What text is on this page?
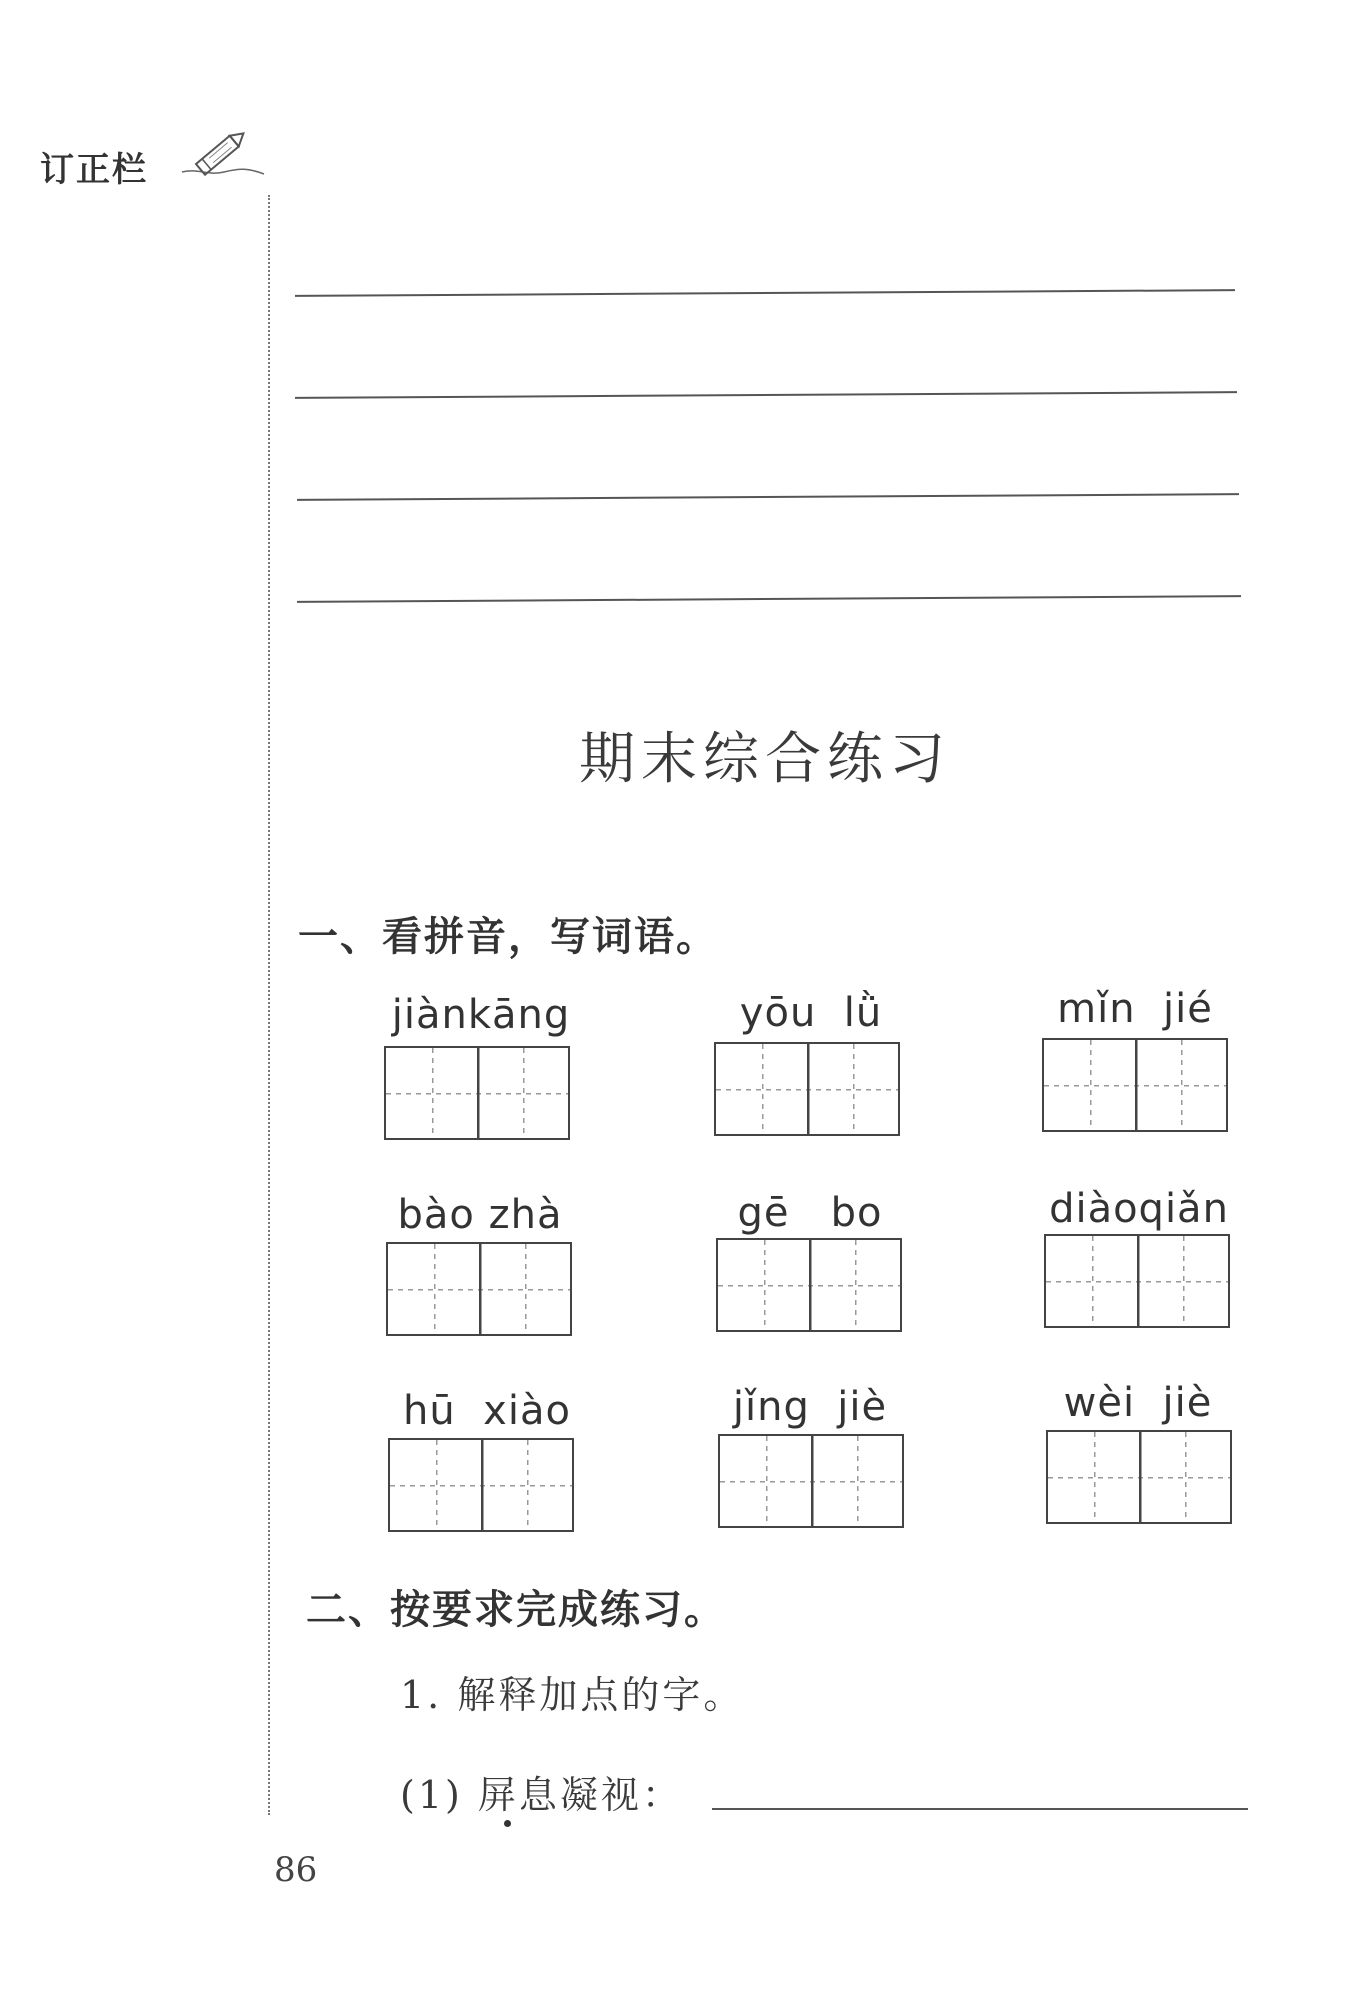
订正栏
期末综合练习
一、看拼音，写词语。
jiànkāng	yōu  lǜ	mǐn  jié
bào zhà	gē   bo	diàoqiǎn
hū  xiào	jǐng  jiè	wèi  jiè
二、按要求完成练习。
1. 解释加点的字。
(1) 屏息凝视：
86
